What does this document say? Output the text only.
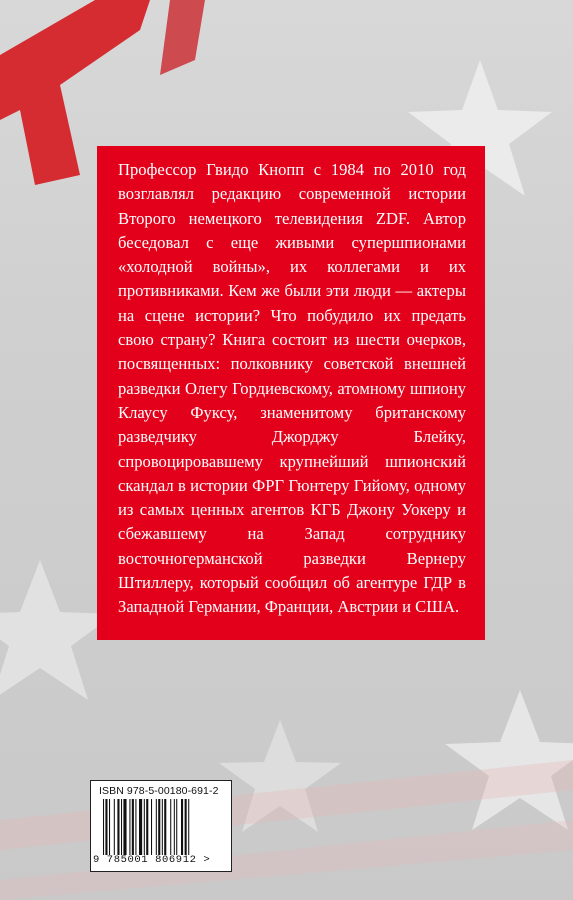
Профессор Гвидо Кнопп с 1984 по 2010 год возглавлял редакцию современной истории Второго немецкого телевидения ZDF. Автор беседовал с еще живыми супершпионами «холодной войны», их коллегами и их противниками. Кем же были эти люди — актеры на сцене истории? Что побудило их предать свою страну? Книга состоит из шести очерков, посвященных: полковнику советской внешней разведки Олегу Гордиевскому, атомному шпиону Клаусу Фуксу, знаменитому британскому разведчику Джорджу Блейку, спровоцировавшему крупнейший шпионский скандал в истории ФРГ Гюнтеру Гийому, одному из самых ценных агентов КГБ Джону Уокеру и сбежавшему на Запад сотруднику восточногерманской разведки Вернеру Штиллеру, который сообщил об агентуре ГДР в Западной Германии, Франции, Австрии и США.

ISBN 978-5-00180-691-2
9 785001 806912 >
